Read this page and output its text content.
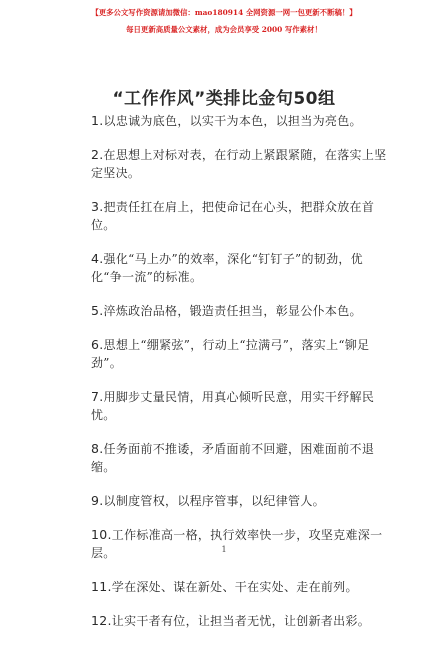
【更多公文写作资源请加微信：mao180914 全网资源一网一包更新不断稿！】
每日更新高质量公文素材，成为会员享受 2000 写作素材！
“工作作风”类排比金句50组
1.以忠诚为底色，以实干为本色，以担当为亮色。
2.在思想上对标对表，在行动上紧跟紧随，在落实上坚定坚决。
3.把责任扛在肩上，把使命记在心头，把群众放在首位。
4.强化“马上办”的效率，深化“钉钉子”的韧劲，优化“争一流”的标准。
5.淬炼政治品格，锻造责任担当，彰显公仆本色。
6.思想上“绷紧弦”，行动上“拉满弓”，落实上“铆足劲”。
7.用脚步丈量民情，用真心倾听民意，用实干纾解民忧。
8.任务面前不推诿，矛盾面前不回避，困难面前不退缩。
9.以制度管权，以程序管事，以纪律管人。
10.工作标准高一格，执行效率快一步，攻坚克难深一层。
11.学在深处、谋在新处、干在实处、走在前列。
12.让实干者有位，让担当者无忧，让创新者出彩。
1
